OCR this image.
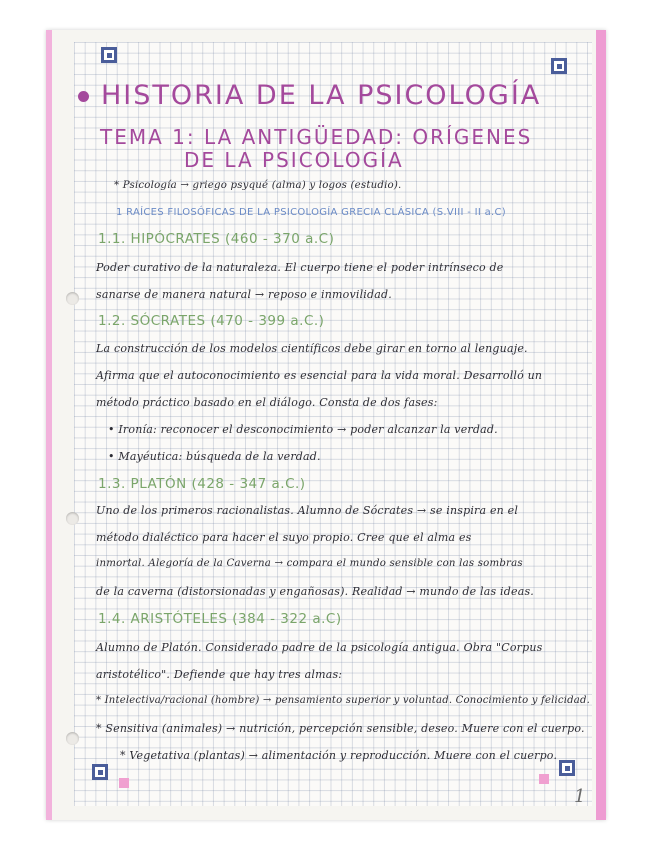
HISTORIA DE LA PSICOLOGÍA
TEMA 1: LA ANTIGÜEDAD: ORÍGENES
DE LA PSICOLOGÍA
* Psicología → griego psyqué (alma) y logos (estudio).
1 RAÍCES FILOSÓFICAS DE LA PSICOLOGÍA GRECIA CLÁSICA (S.VIII - II a.C)
1.1. HIPÓCRATES (460 - 370 a.C)
Poder curativo de la naturaleza. El cuerpo tiene el poder intrínseco de
sanarse de manera natural → reposo e inmovilidad.
1.2. SÓCRATES (470 - 399 a.C.)
La construcción de los modelos científicos debe girar en torno al lenguaje.
Afirma que el autoconocimiento es esencial para la vida moral. Desarrolló un
método práctico basado en el diálogo. Consta de dos fases:
• Ironía: reconocer el desconocimiento → poder alcanzar la verdad.
• Mayéutica: búsqueda de la verdad.
1.3. PLATÓN (428 - 347 a.C.)
Uno de los primeros racionalistas. Alumno de Sócrates → se inspira en el
método dialéctico para hacer el suyo propio. Cree que el alma es
inmortal. Alegoría de la Caverna → compara el mundo sensible con las sombras
de la caverna (distorsionadas y engañosas). Realidad → mundo de las ideas.
1.4. ARISTÓTELES (384 - 322 a.C)
Alumno de Platón. Considerado padre de la psicología antigua. Obra "Corpus
aristotélico". Defiende que hay tres almas:
* Intelectiva/racional (hombre) → pensamiento superior y voluntad. Conocimiento y felicidad.
* Sensitiva (animales) → nutrición, percepción sensible, deseo. Muere con el cuerpo.
* Vegetativa (plantas) → alimentación y reproducción. Muere con el cuerpo.
1
